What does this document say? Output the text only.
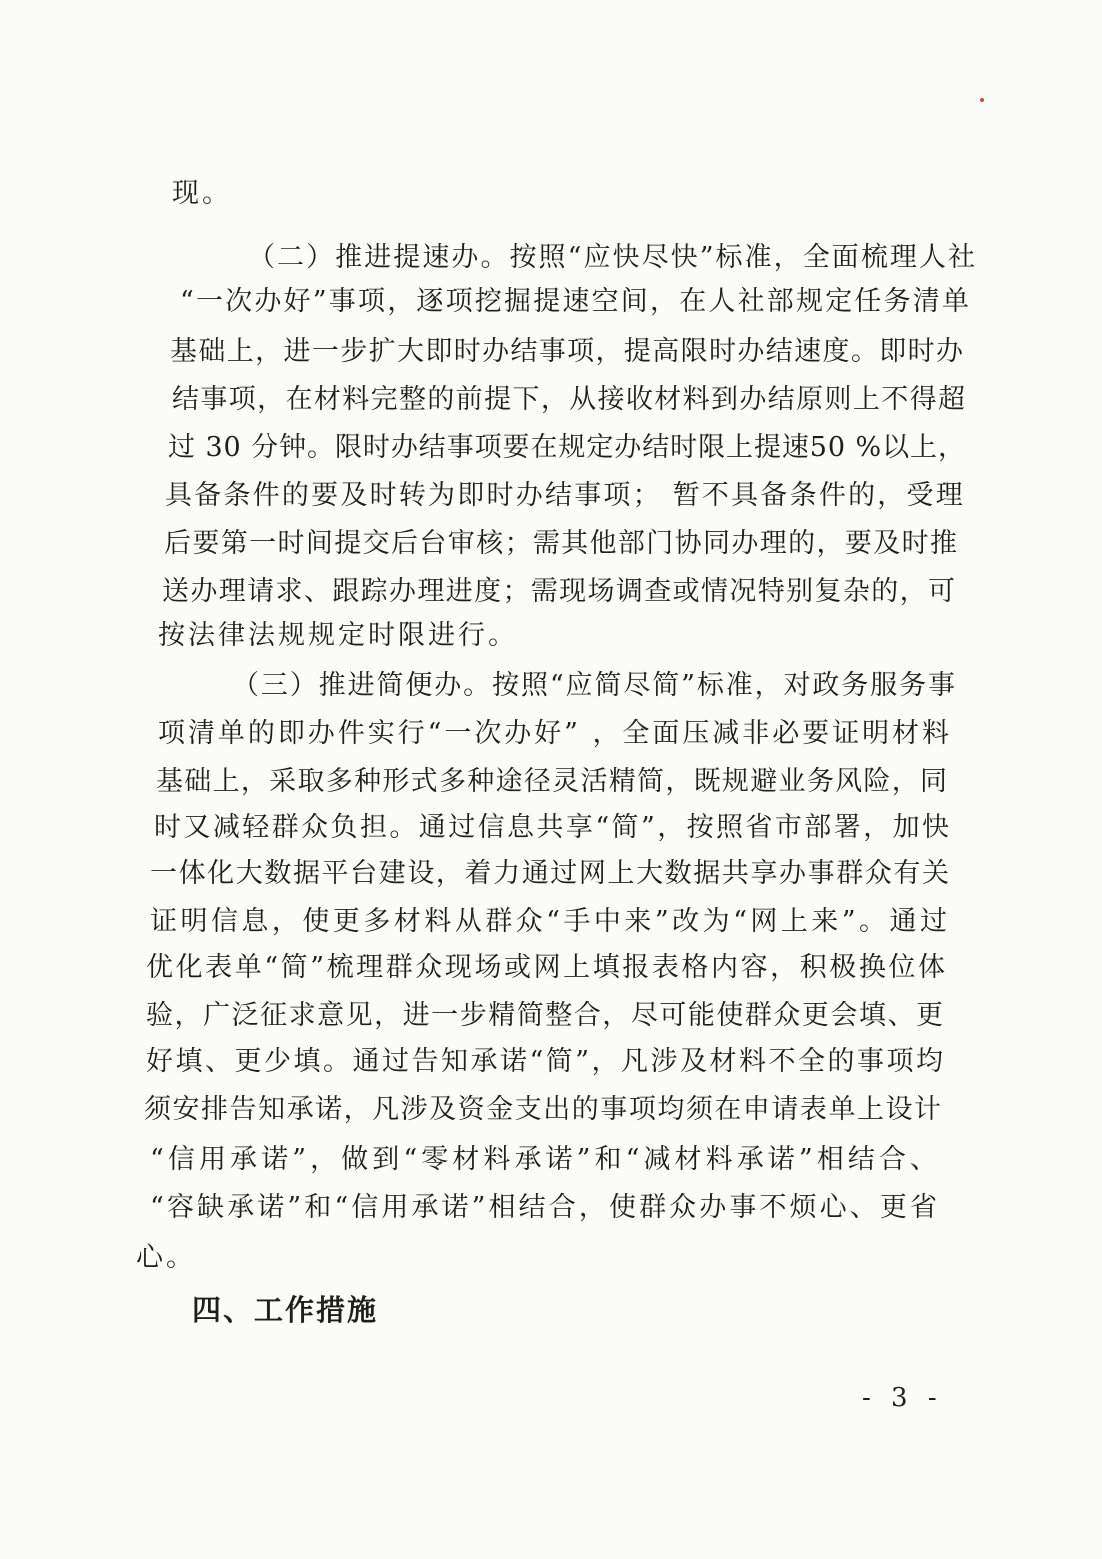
现。
（二）推进提速办。按照“应快尽快”标准，全面梳理人社
“一次办好”事项，逐项挖掘提速空间，在人社部规定任务清单
基础上，进一步扩大即时办结事项，提高限时办结速度。即时办
结事项，在材料完整的前提下，从接收材料到办结原则上不得超
过 30 分钟。限时办结事项要在规定办结时限上提速50 %以上，
具备条件的要及时转为即时办结事项； 暂不具备条件的，受理
后要第一时间提交后台审核；需其他部门协同办理的，要及时推
送办理请求、跟踪办理进度；需现场调查或情况特别复杂的，可
按法律法规规定时限进行。
（三）推进简便办。按照“应简尽简”标准，对政务服务事
项清单的即办件实行“一次办好” ，全面压减非必要证明材料
基础上，采取多种形式多种途径灵活精简，既规避业务风险，同
时又减轻群众负担。通过信息共享“简”，按照省市部署，加快
一体化大数据平台建设，着力通过网上大数据共享办事群众有关
证明信息，使更多材料从群众“手中来”改为“网上来”。通过
优化表单“简”梳理群众现场或网上填报表格内容，积极换位体
验，广泛征求意见，进一步精简整合，尽可能使群众更会填、更
好填、更少填。通过告知承诺“简”，凡涉及材料不全的事项均
须安排告知承诺，凡涉及资金支出的事项均须在申请表单上设计
“信用承诺”，做到“零材料承诺”和“减材料承诺”相结合、
“容缺承诺”和“信用承诺”相结合，使群众办事不烦心、更省
心。
四、工作措施
- 3 -
